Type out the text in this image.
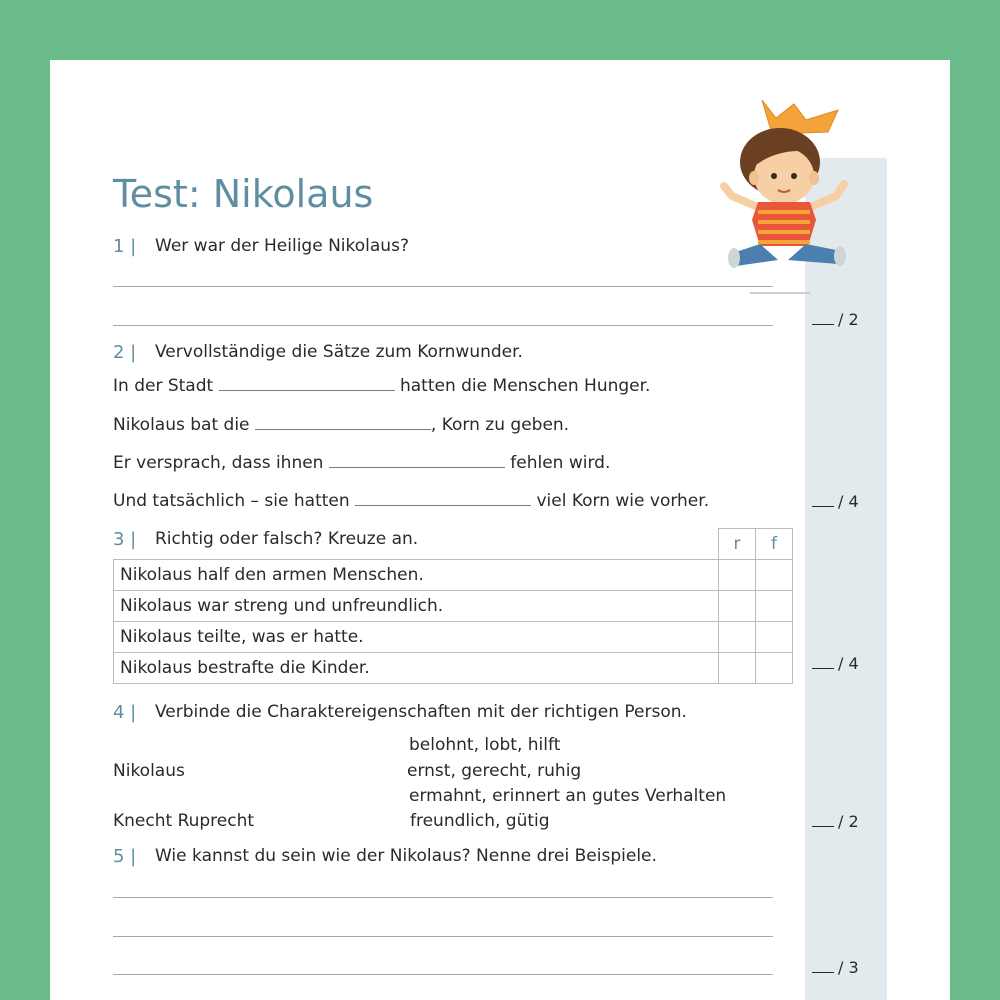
Test: Nikolaus
1 | Wer war der Heilige Nikolaus?
/ 2
2 | Vervollständige die Sätze zum Kornwunder.
In der Stadt	hatten die Menschen Hunger.
Nikolaus bat die	, Korn zu geben.
Er versprach, dass ihnen	fehlen wird.
Und tatsächlich – sie hatten	viel Korn wie vorher.	/ 4
3 | Richtig oder falsch? Kreuze an.
		r	f
Nikolaus half den armen Menschen.		
Nikolaus war streng und unfreundlich.		
Nikolaus teilte, was er hatte.		
Nikolaus bestrafte die Kinder.			/ 4
4 | Verbinde die Charaktereigenschaften mit der richtigen Person.
belohnt, lobt, hilft
Nikolaus	ernst, gerecht, ruhig
ermahnt, erinnert an gutes Verhalten
Knecht Ruprecht	freundlich, gütig	/ 2
5 | Wie kannst du sein wie der Nikolaus? Nenne drei Beispiele.
/ 3
